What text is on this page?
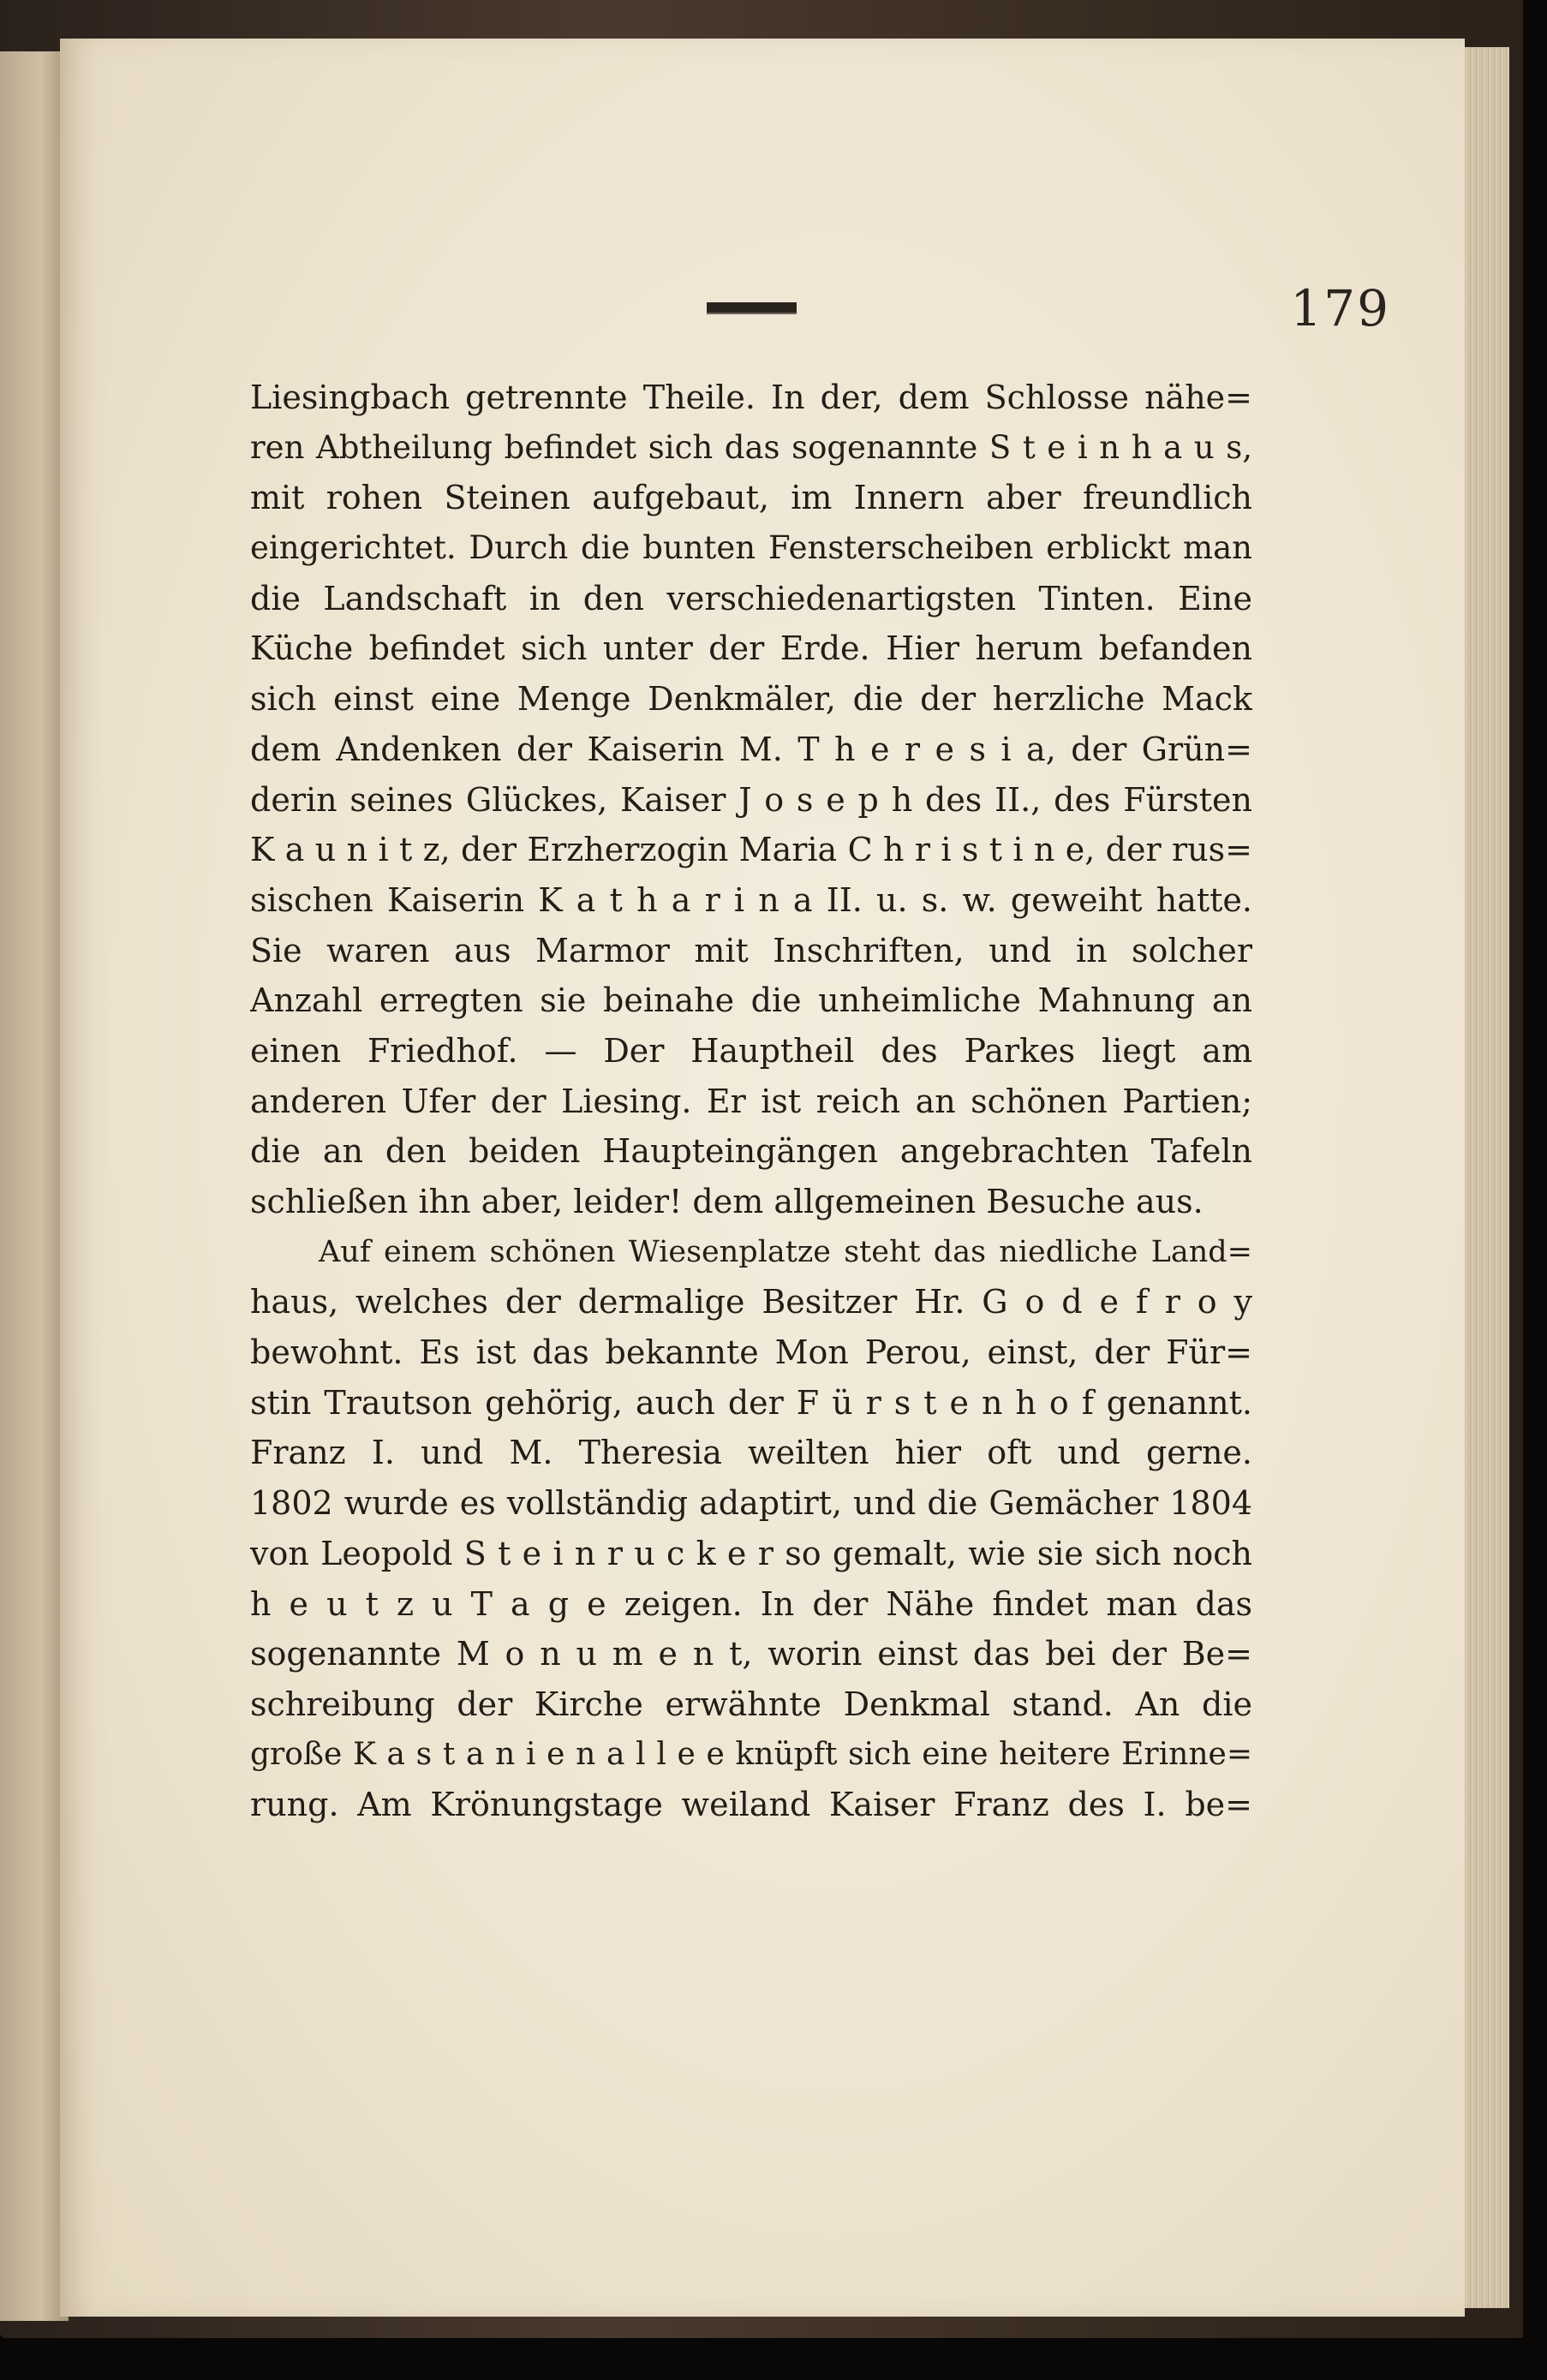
179
Liesingbach getrennte Theile. In der, dem Schlosse nähe=
ren Abtheilung befindet sich das sogenannte S t e i n h a u s,
mit rohen Steinen aufgebaut, im Innern aber freundlich
eingerichtet. Durch die bunten Fensterscheiben erblickt man
die Landschaft in den verschiedenartigsten Tinten. Eine
Küche befindet sich unter der Erde. Hier herum befanden
sich einst eine Menge Denkmäler, die der herzliche Mack
dem Andenken der Kaiserin M. T h e r e s i a, der Grün=
derin seines Glückes, Kaiser J o s e p h des II., des Fürsten
K a u n i t z, der Erzherzogin Maria C h r i s t i n e, der rus=
sischen Kaiserin K a t h a r i n a II. u. s. w. geweiht hatte.
Sie waren aus Marmor mit Inschriften, und in solcher
Anzahl erregten sie beinahe die unheimliche Mahnung an
einen Friedhof. — Der Hauptheil des Parkes liegt am
anderen Ufer der Liesing. Er ist reich an schönen Partien;
die an den beiden Haupteingängen angebrachten Tafeln
schließen ihn aber, leider! dem allgemeinen Besuche aus.
Auf einem schönen Wiesenplatze steht das niedliche Land=
haus, welches der dermalige Besitzer Hr. G o d e f r o y
bewohnt. Es ist das bekannte Mon Perou, einst, der Für=
stin Trautson gehörig, auch der F ü r s t e n h o f genannt.
Franz I. und M. Theresia weilten hier oft und gerne.
1802 wurde es vollständig adaptirt, und die Gemächer 1804
von Leopold S t e i n r u c k e r so gemalt, wie sie sich noch
h e u t z u T a g e zeigen. In der Nähe findet man das
sogenannte M o n u m e n t, worin einst das bei der Be=
schreibung der Kirche erwähnte Denkmal stand. An die
große K a s t a n i e n a l l e e knüpft sich eine heitere Erinne=
rung. Am Krönungstage weiland Kaiser Franz des I. be=
